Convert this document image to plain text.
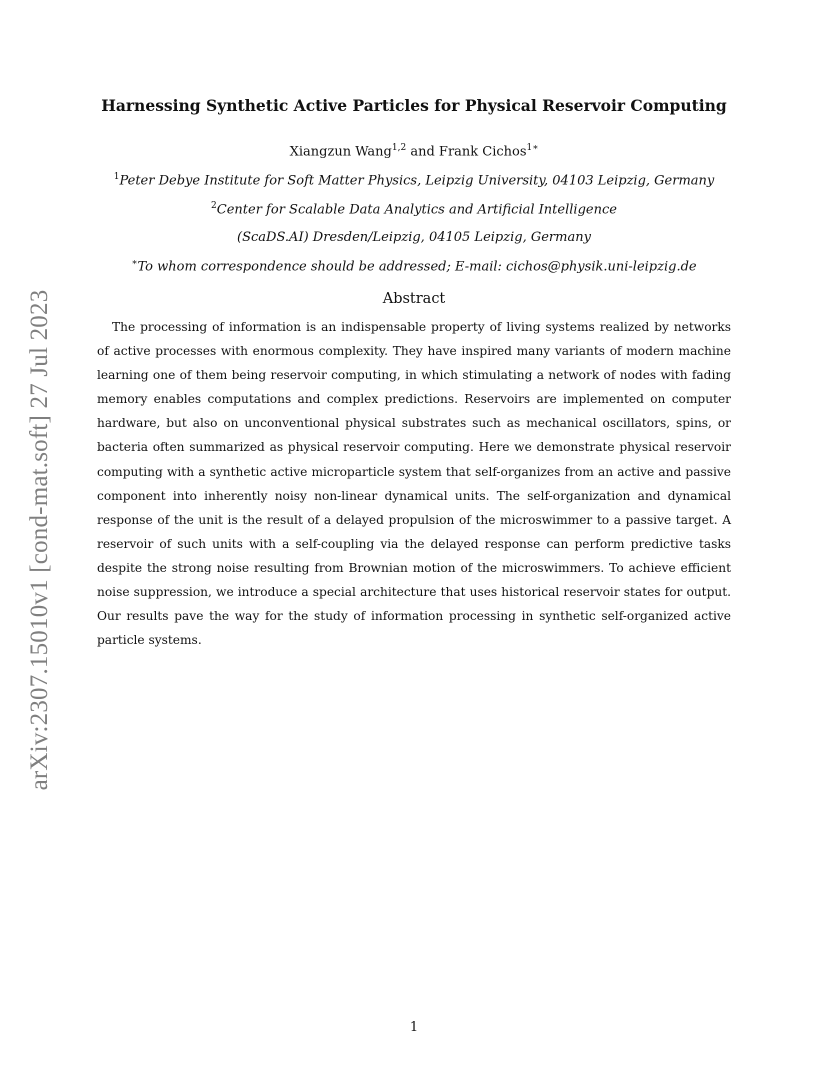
arXiv:2307.15010v1 [cond-mat.soft] 27 Jul 2023
Harnessing Synthetic Active Particles for Physical Reservoir Computing
Xiangzun Wang$^{1,2}$ and Frank Cichos$^{1∗}$
$^1$Peter Debye Institute for Soft Matter Physics, Leipzig University, 04103 Leipzig, Germany
$^2$Center for Scalable Data Analytics and Artificial Intelligence
(ScaDS.AI) Dresden/Leipzig, 04105 Leipzig, Germany
∗To whom correspondence should be addressed; E-mail: cichos@physik.uni-leipzig.de
Abstract

The processing of information is an indispensable property of living systems realized by networks of active processes with enormous complexity. They have inspired many variants of modern machine learning one of them being reservoir computing, in which stimulating a network of nodes with fading memory enables computations and complex predictions. Reservoirs are implemented on computer hardware, but also on unconventional physical substrates such as mechanical oscillators, spins, or bacteria often summarized as physical reservoir computing. Here we demonstrate physical reservoir computing with a synthetic active microparticle system that self-organizes from an active and passive component into inherently noisy non-linear dynamical units. The self-organization and dynamical response of the unit is the result of a delayed propulsion of the microswimmer to a passive target. A reservoir of such units with a self-coupling via the delayed response can perform predictive tasks despite the strong noise resulting from Brownian motion of the microswimmers. To achieve efficient noise suppression, we introduce a special architecture that uses historical reservoir states for output. Our results pave the way for the study of information processing in synthetic self-organized active particle systems.

1
